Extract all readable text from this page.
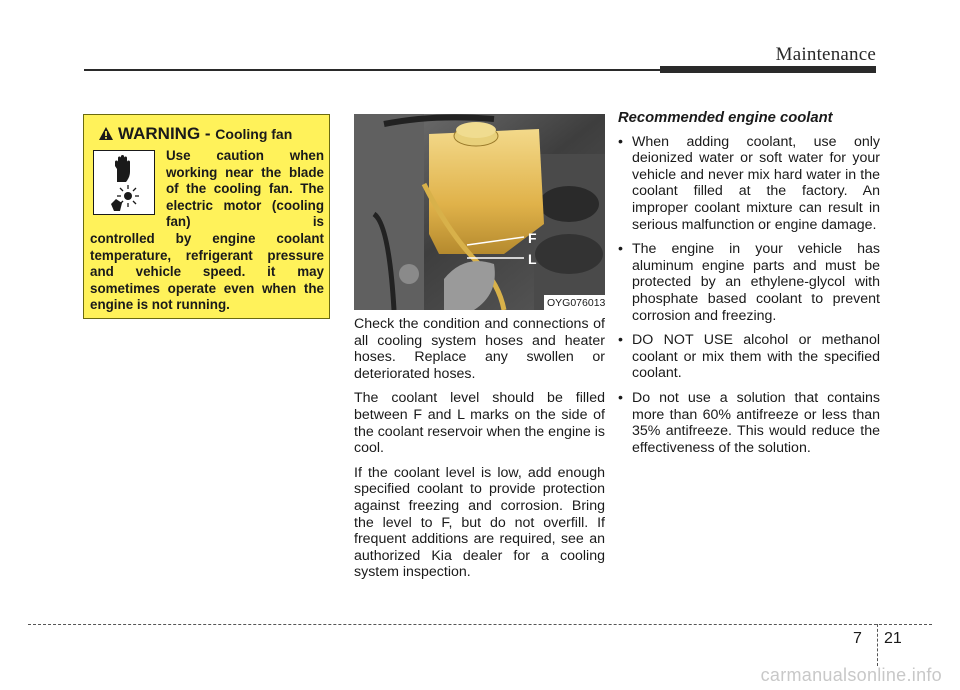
Maintenance
WARNING - Cooling fan

Use caution when working near the blade of the cooling fan. The electric motor (cooling fan) is

controlled by engine coolant temperature, refrigerant pressure and vehicle speed. it may sometimes operate even when the engine is not running.

F
L
OYG076013

Check the condition and connections of all cooling system hoses and heater hoses. Replace any swollen or deteriorated hoses.

The coolant level should be filled between F and L marks on the side of the coolant reservoir when the engine is cool.

If the coolant level is low, add enough specified coolant to provide protection against freezing and corrosion. Bring the level to F, but do not overfill. If frequent additions are required, see an authorized Kia dealer for a cooling system inspection.

Recommended engine coolant
• When adding coolant, use only deionized water or soft water for your vehicle and never mix hard water in the coolant filled at the factory. An improper coolant mixture can result in serious malfunction or engine damage.
• The engine in your vehicle has aluminum engine parts and must be protected by an ethylene-glycol with phosphate based coolant to prevent corrosion and freezing.
• DO NOT USE alcohol or methanol coolant or mix them with the specified coolant.
• Do not use a solution that contains more than 60% antifreeze or less than 35% antifreeze. This would reduce the effectiveness of the solution.
7 21
carmanualsonline.info
